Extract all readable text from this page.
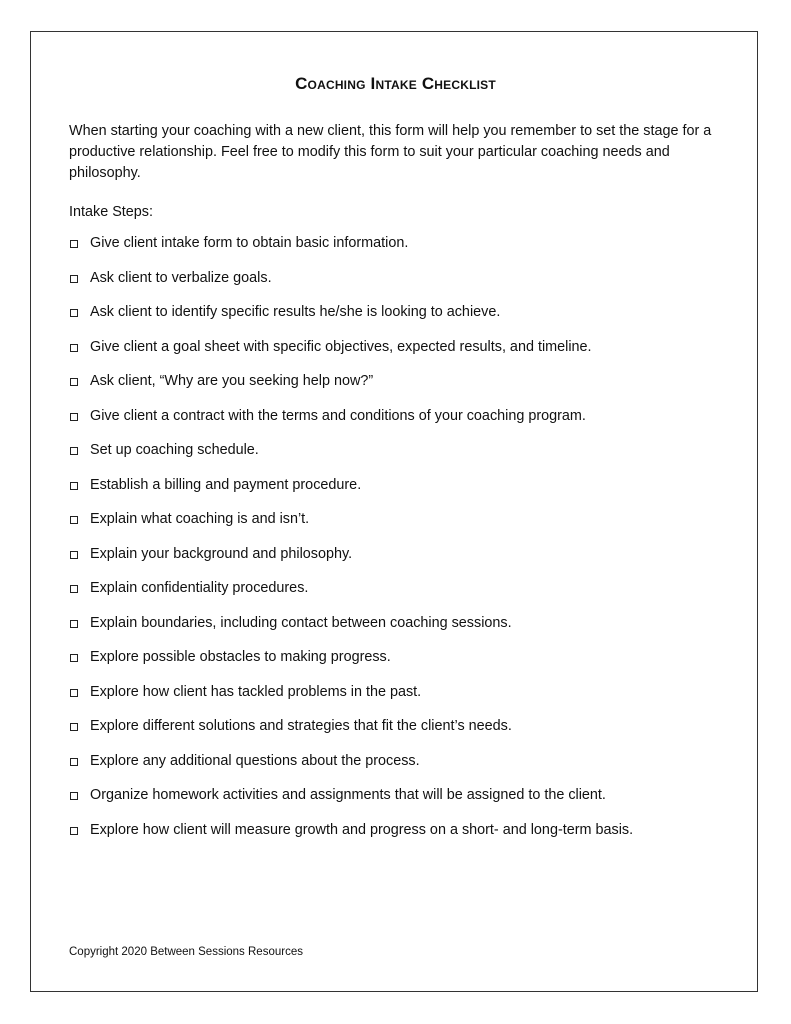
Coaching Intake Checklist

When starting your coaching with a new client, this form will help you remember to set the stage for a productive relationship. Feel free to modify this form to suit your particular coaching needs and philosophy.

Intake Steps:

Give client intake form to obtain basic information.
Ask client to verbalize goals.
Ask client to identify specific results he/she is looking to achieve.
Give client a goal sheet with specific objectives, expected results, and timeline.
Ask client, “Why are you seeking help now?”
Give client a contract with the terms and conditions of your coaching program.
Set up coaching schedule.
Establish a billing and payment procedure.
Explain what coaching is and isn’t.
Explain your background and philosophy.
Explain confidentiality procedures.
Explain boundaries, including contact between coaching sessions.
Explore possible obstacles to making progress.
Explore how client has tackled problems in the past.
Explore different solutions and strategies that fit the client’s needs.
Explore any additional questions about the process.
Organize homework activities and assignments that will be assigned to the client.
Explore how client will measure growth and progress on a short- and long-term basis.

Copyright 2020 Between Sessions Resources
